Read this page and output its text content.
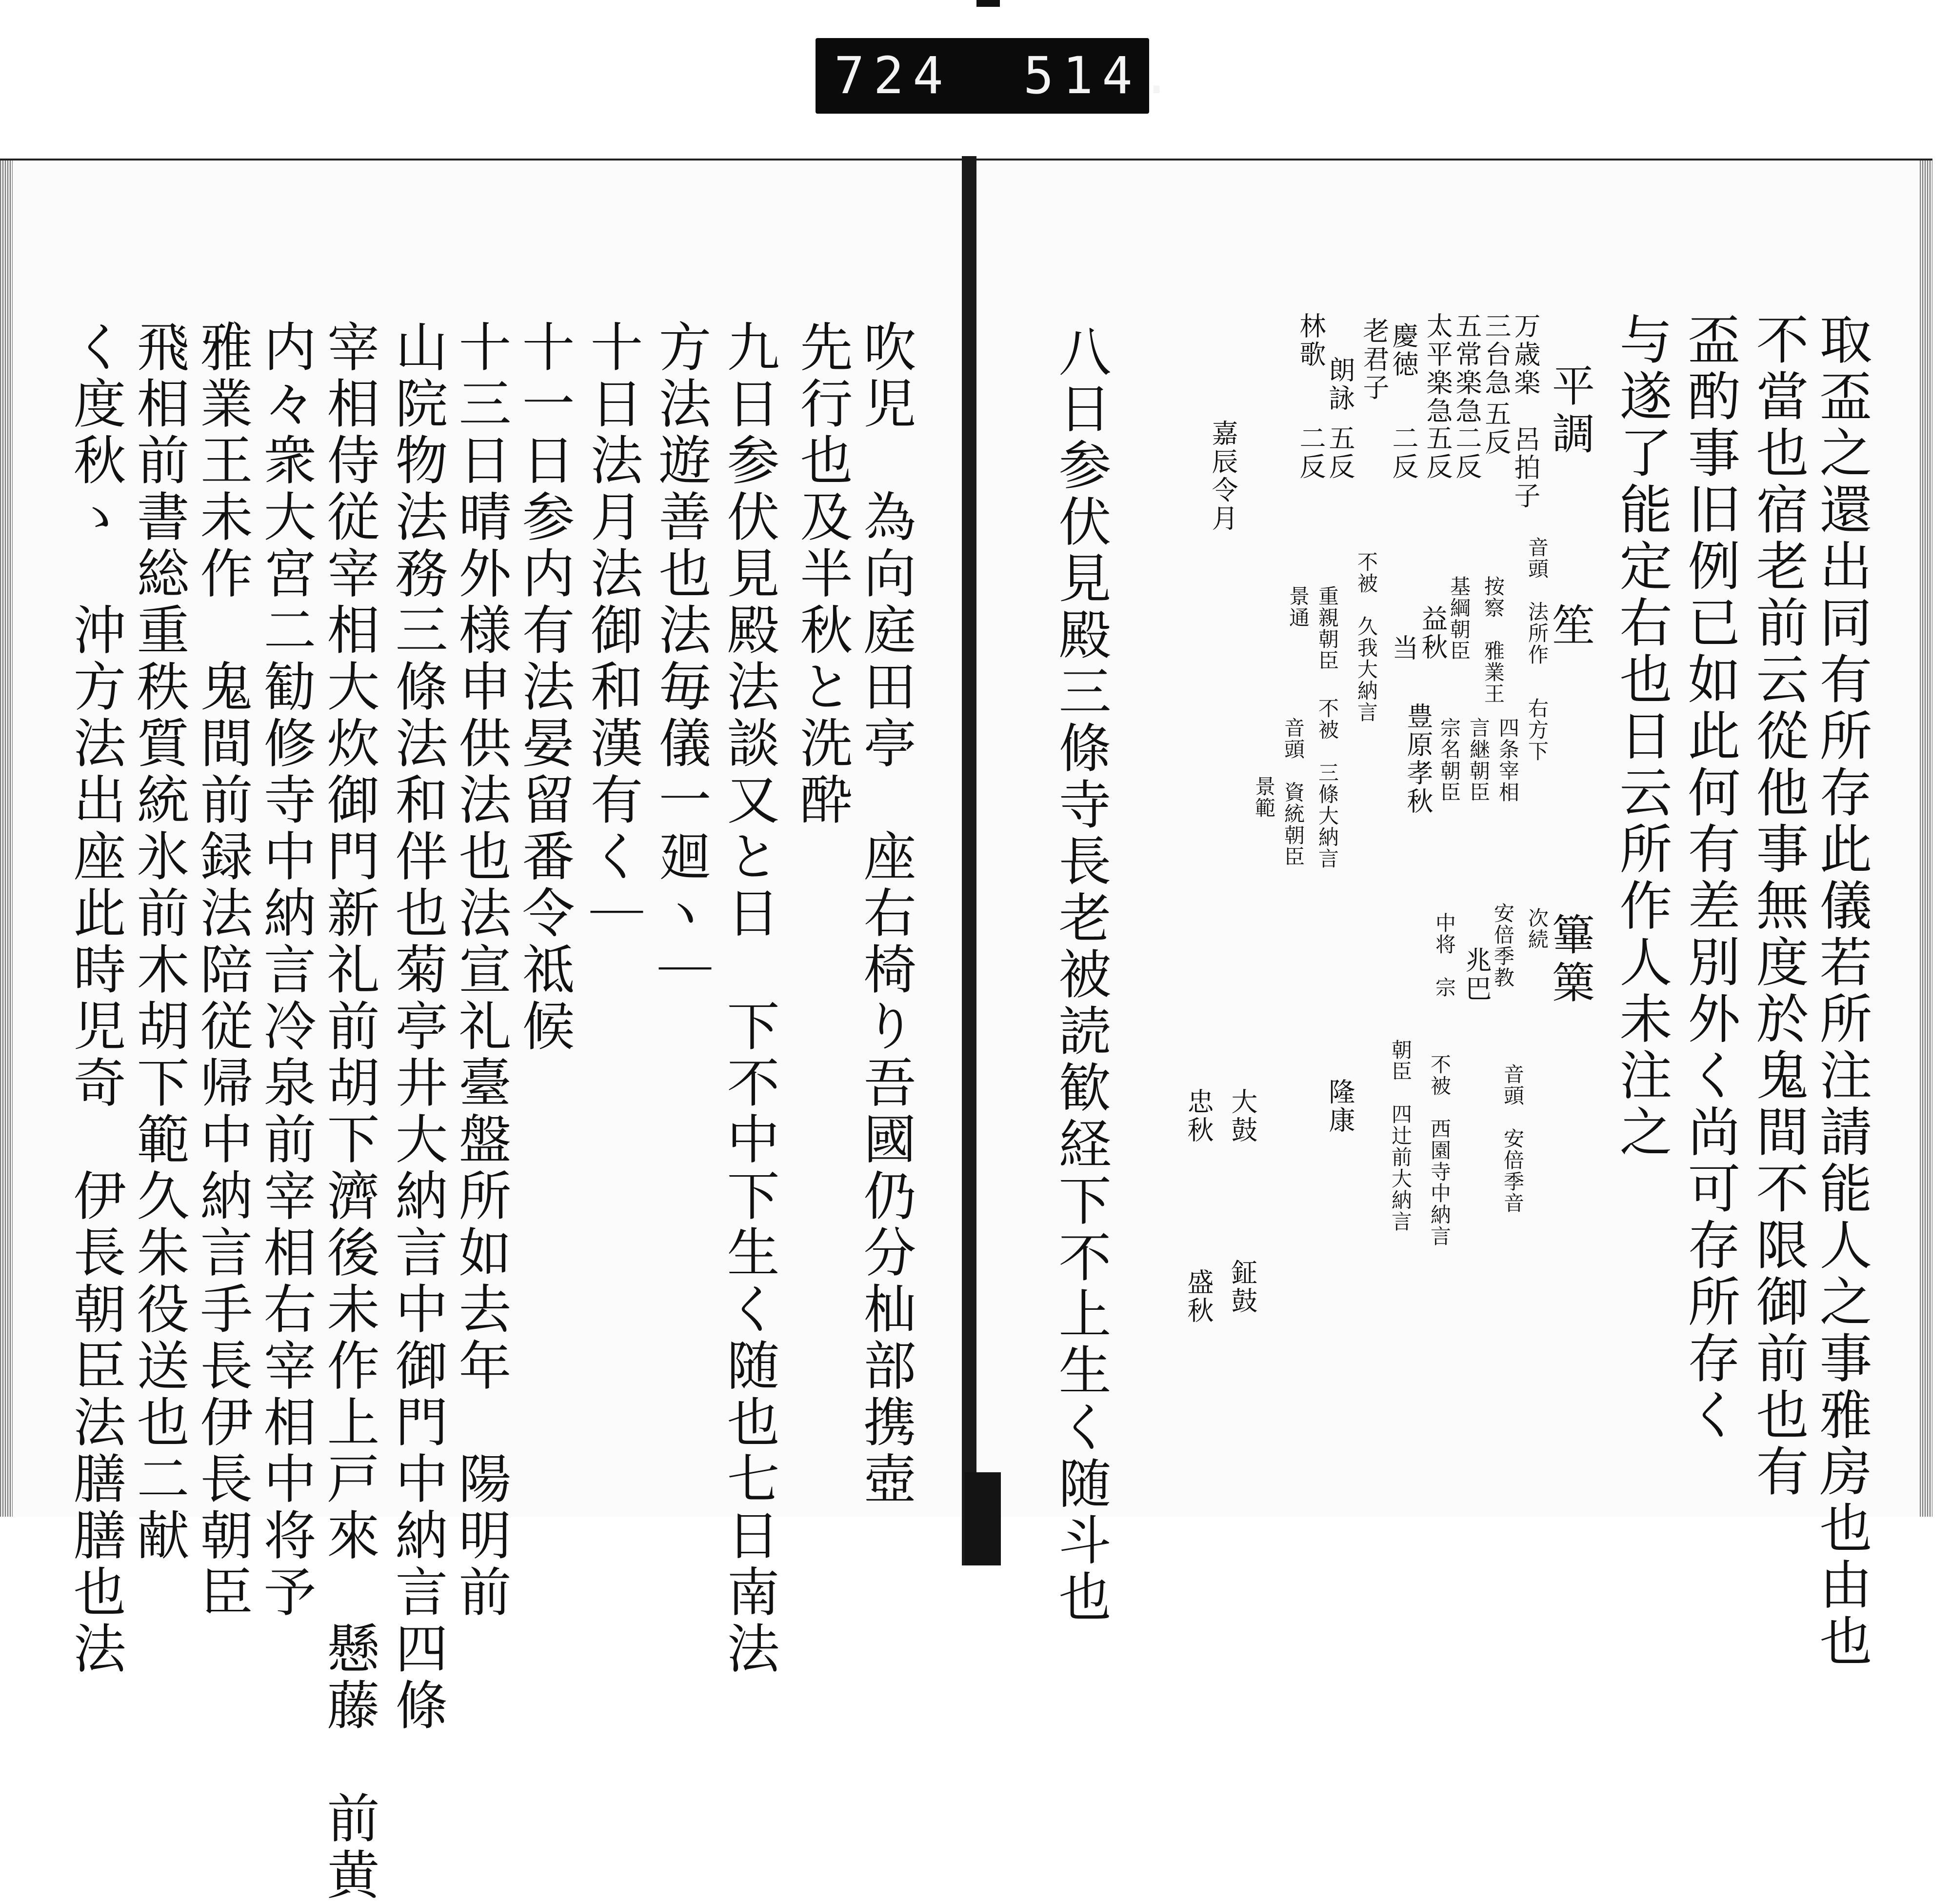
724 514.
吹児　為向庭田亭　座右椅り吾國仍分杣部携壺
先行也及半秋と洗酔
九日参伏見殿法談又と日　下不中下生く随也七日南法
方法遊善也法毎儀一廻ヽ｜
十日法月法御和漢有く｜
十一日参内有法晏留番令祗候
十三日晴外様申供法也法宣礼臺盤所如去年　陽明前
山院物法務三條法和伴也菊亭井大納言中御門中納言四條
宰相侍従宰相大炊御門新礼前胡下濟後未作上戸來　懸藤　前黄
内々衆大宮二勧修寺中納言冷泉前宰相右宰相中将予
雅業王未作　鬼間前録法陪従帰中納言手長伊長朝臣
飛相前書総重秩質統氷前木胡下範久朱役送也二献
く度秋ゝ　沖方法出座此時児奇　伊長朝臣法膳膳也法	取盃之還出同有所存此儀若所注請能人之事雅房也由也
不當也宿老前云從他事無度於鬼間不限御前也有
盃酌事旧例已如此何有差別外く尚可存所存く
与遂了能定右也日云所作人未注之
平調
笙
篳篥
万歳楽　呂拍子
三台急
五反
五常楽急
二反
太平楽急
五反
慶徳
二反
老君子
五反
林歌
二反
朗詠
嘉辰令月
音頭　法所作
按察　雅業王
基綱朝臣
益秋
当
不被　久我大納言
重親朝臣
景通
右方下
四条宰相
言継朝臣
宗名朝臣
豊原孝秋
不被　三條大納言
音頭　資統朝臣
景範
次続
安倍季教
兆巴
中将　宗
音頭　安倍季音
不被　西園寺中納言
朝臣　四辻前大納言
隆康
大鼓
忠秋
鉦鼓
盛秋
八日参伏見殿三條寺長老被読歓経下不上生く随斗也
